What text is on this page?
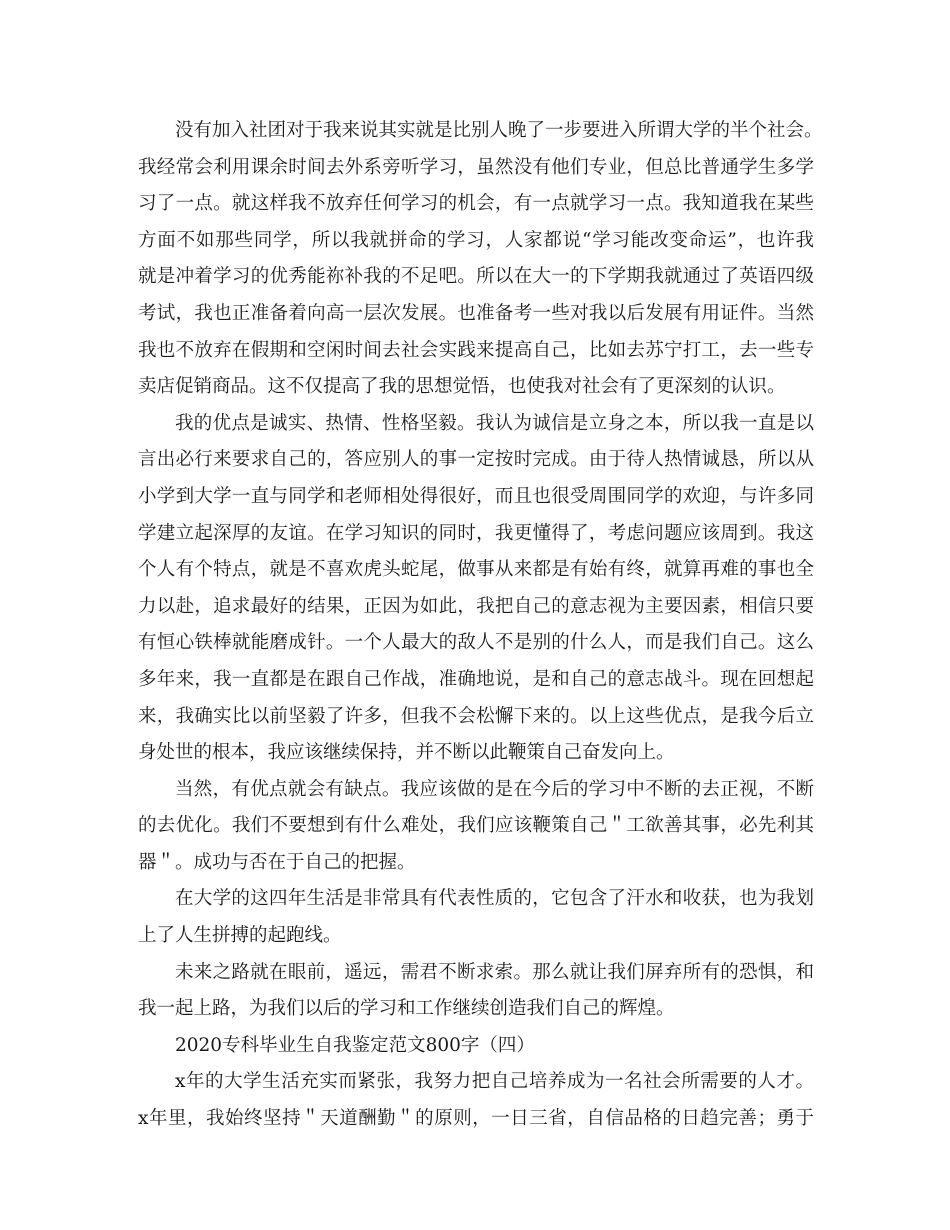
没有加入社团对于我来说其实就是比别人晚了一步要进入所谓大学的半个社会。
我经常会利用课余时间去外系旁听学习，虽然没有他们专业，但总比普通学生多学
习了一点。就这样我不放弃任何学习的机会，有一点就学习一点。我知道我在某些
方面不如那些同学，所以我就拼命的学习，人家都说“学习能改变命运”，也许我
就是冲着学习的优秀能祢补我的不足吧。所以在大一的下学期我就通过了英语四级
考试，我也正准备着向高一层次发展。也准备考一些对我以后发展有用证件。当然
我也不放弃在假期和空闲时间去社会实践来提高自己，比如去苏宁打工，去一些专
卖店促销商品。这不仅提高了我的思想觉悟，也使我对社会有了更深刻的认识。
我的优点是诚实、热情、性格坚毅。我认为诚信是立身之本，所以我一直是以
言出必行来要求自己的，答应别人的事一定按时完成。由于待人热情诚恳，所以从
小学到大学一直与同学和老师相处得很好，而且也很受周围同学的欢迎，与许多同
学建立起深厚的友谊。在学习知识的同时，我更懂得了，考虑问题应该周到。我这
个人有个特点，就是不喜欢虎头蛇尾，做事从来都是有始有终，就算再难的事也全
力以赴，追求最好的结果，正因为如此，我把自己的意志视为主要因素，相信只要
有恒心铁棒就能磨成针。一个人最大的敌人不是别的什么人，而是我们自己。这么
多年来，我一直都是在跟自己作战，准确地说，是和自己的意志战斗。现在回想起
来，我确实比以前坚毅了许多，但我不会松懈下来的。以上这些优点，是我今后立
身处世的根本，我应该继续保持，并不断以此鞭策自己奋发向上。
当然，有优点就会有缺点。我应该做的是在今后的学习中不断的去正视，不断
的去优化。我们不要想到有什么难处，我们应该鞭策自己＂工欲善其事，必先利其
器＂。成功与否在于自己的把握。
在大学的这四年生活是非常具有代表性质的，它包含了汗水和收获，也为我划
上了人生拼搏的起跑线。
未来之路就在眼前，遥远，需君不断求索。那么就让我们屏弃所有的恐惧，和
我一起上路，为我们以后的学习和工作继续创造我们自己的辉煌。
2020专科毕业生自我鉴定范文800字（四）
x年的大学生活充实而紧张，我努力把自己培养成为一名社会所需要的人才。
x年里，我始终坚持＂天道酬勤＂的原则，一日三省，自信品格的日趋完善；勇于
